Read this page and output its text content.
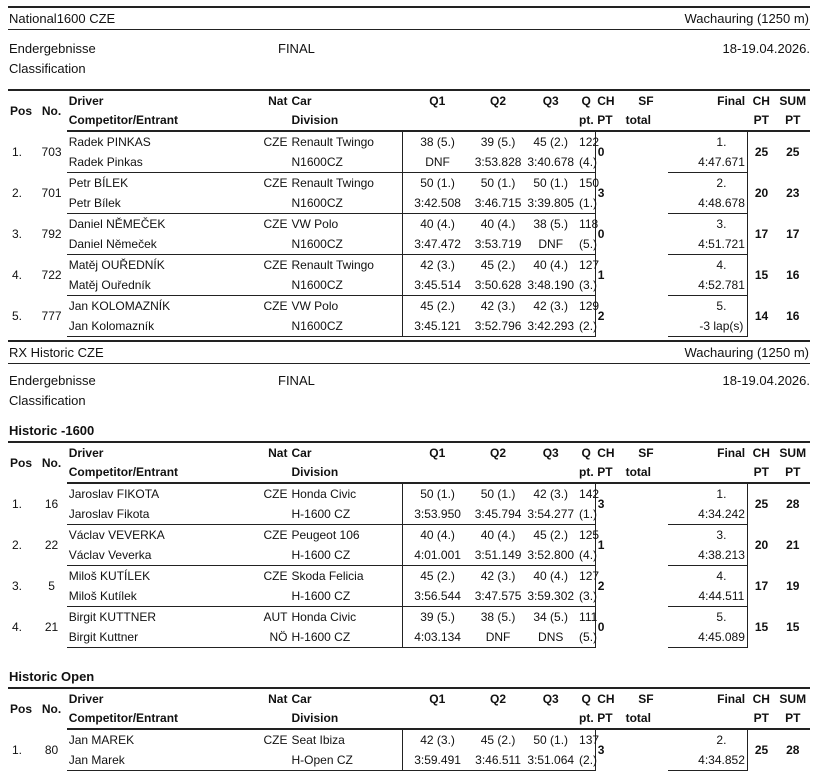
National1600 CZE	Wachauring (1250 m)
Endergebnisse
Classification
FINAL	18-19.04.2026.
Pos	No.	Driver	Nat	Car	Q1	Q2	Q3	Q	CH	SF	Final	CH	SUM
		Competitor/Entrant		Division				pt.	PT	total		PT	PT
1.	703	Radek PINKAS	CZE	Renault Twingo	38 (5.)	39 (5.)	45 (2.)	122	0		1.	25	25
		Radek Pinkas		N1600CZ	DNF	3:53.828	3:40.678	(4.)			4:47.671		
2.	701	Petr BÍLEK	CZE	Renault Twingo	50 (1.)	50 (1.)	50 (1.)	150	3		2.	20	23
		Petr Bílek		N1600CZ	3:42.508	3:46.715	3:39.805	(1.)			4:48.678		
3.	792	Daniel NĚMEČEK	CZE	VW Polo	40 (4.)	40 (4.)	38 (5.)	118	0		3.	17	17
		Daniel Němeček		N1600CZ	3:47.472	3:53.719	DNF	(5.)			4:51.721		
4.	722	Matěj OUŘEDNÍK	CZE	Renault Twingo	42 (3.)	45 (2.)	40 (4.)	127	1		4.	15	16
		Matěj Ouředník		N1600CZ	3:45.514	3:50.628	3:48.190	(3.)			4:52.781		
5.	777	Jan KOLOMAZNÍK	CZE	VW Polo	45 (2.)	42 (3.)	42 (3.)	129	2		5.	14	16
		Jan Kolomazník		N1600CZ	3:45.121	3:52.796	3:42.293	(2.)			-3 lap(s)		
RX Historic CZE	Wachauring (1250 m)
Endergebnisse
Classification
FINAL	18-19.04.2026.
Historic -1600
Pos	No.	Driver	Nat	Car	Q1	Q2	Q3	Q	CH	SF	Final	CH	SUM
		Competitor/Entrant		Division				pt.	PT	total		PT	PT
1.	16	Jaroslav FIKOTA	CZE	Honda Civic	50 (1.)	50 (1.)	42 (3.)	142	3		1.	25	28
		Jaroslav Fikota		H-1600 CZ	3:53.950	3:45.794	3:54.277	(1.)			4:34.242		
2.	22	Václav VEVERKA	CZE	Peugeot 106	40 (4.)	40 (4.)	45 (2.)	125	1		3.	20	21
		Václav Veverka		H-1600 CZ	4:01.001	3:51.149	3:52.800	(4.)			4:38.213		
3.	5	Miloš KUTÍLEK	CZE	Skoda Felicia	45 (2.)	42 (3.)	40 (4.)	127	2		4.	17	19
		Miloš Kutílek		H-1600 CZ	3:56.544	3:47.575	3:59.302	(3.)			4:44.511		
4.	21	Birgit KUTTNER	AUT	Honda Civic	39 (5.)	38 (5.)	34 (5.)	111	0		5.	15	15
		Birgit Kuttner	NÖ	H-1600 CZ	4:03.134	DNF	DNS	(5.)			4:45.089		
Historic Open
Pos	No.	Driver	Nat	Car	Q1	Q2	Q3	Q	CH	SF	Final	CH	SUM
		Competitor/Entrant		Division				pt.	PT	total		PT	PT
1.	80	Jan MAREK	CZE	Seat Ibiza	42 (3.)	45 (2.)	50 (1.)	137	3		2.	25	28
		Jan Marek		H-Open CZ	3:59.491	3:46.511	3:51.064	(2.)			4:34.852		
